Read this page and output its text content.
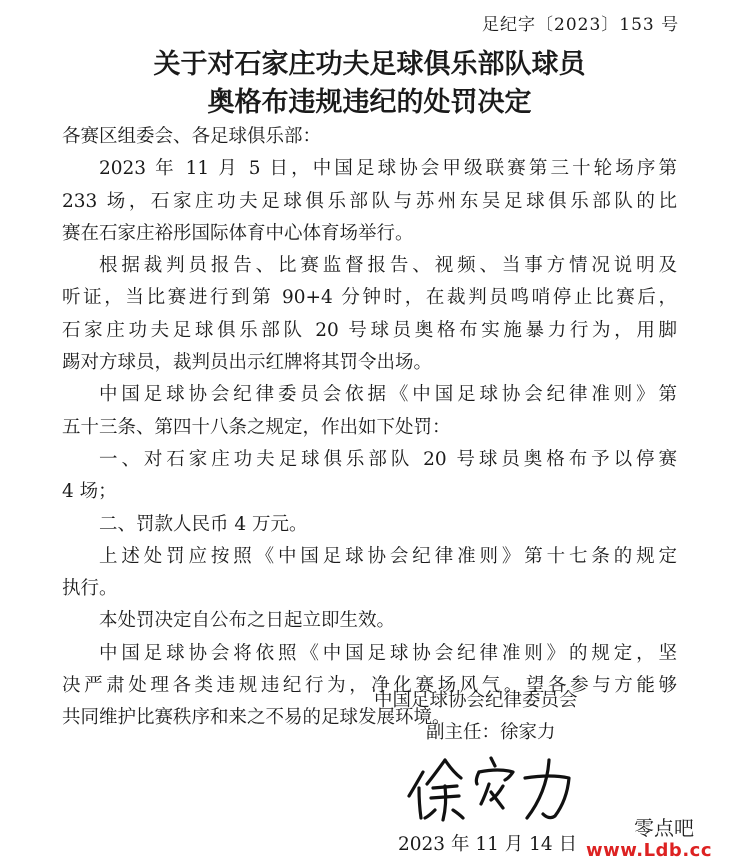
足纪字〔2023〕153 号
关于对石家庄功夫足球俱乐部队球员
奥格布违规违纪的处罚决定

各赛区组委会、各足球俱乐部：

2023 年 11 月 5 日，中国足球协会甲级联赛第三十轮场序第

233 场，石家庄功夫足球俱乐部队与苏州东吴足球俱乐部队的比

赛在石家庄裕彤国际体育中心体育场举行。

根据裁判员报告、比赛监督报告、视频、当事方情况说明及

听证，当比赛进行到第 90+4 分钟时，在裁判员鸣哨停止比赛后，

石家庄功夫足球俱乐部队 20 号球员奥格布实施暴力行为，用脚

踢对方球员，裁判员出示红牌将其罚令出场。

中国足球协会纪律委员会依据《中国足球协会纪律准则》第

五十三条、第四十八条之规定，作出如下处罚：

一、对石家庄功夫足球俱乐部队 20 号球员奥格布予以停赛

4 场；

二、罚款人民币 4 万元。

上述处罚应按照《中国足球协会纪律准则》第十七条的规定

执行。

本处罚决定自公布之日起立即生效。

中国足球协会将依照《中国足球协会纪律准则》的规定，坚

决严肃处理各类违规违纪行为，净化赛场风气。望各参与方能够

共同维护比赛秩序和来之不易的足球发展环境。

中国足球协会纪律委员会
副主任：徐家力
2023 年 11 月 14 日
零点吧
www.Ldb.cc
